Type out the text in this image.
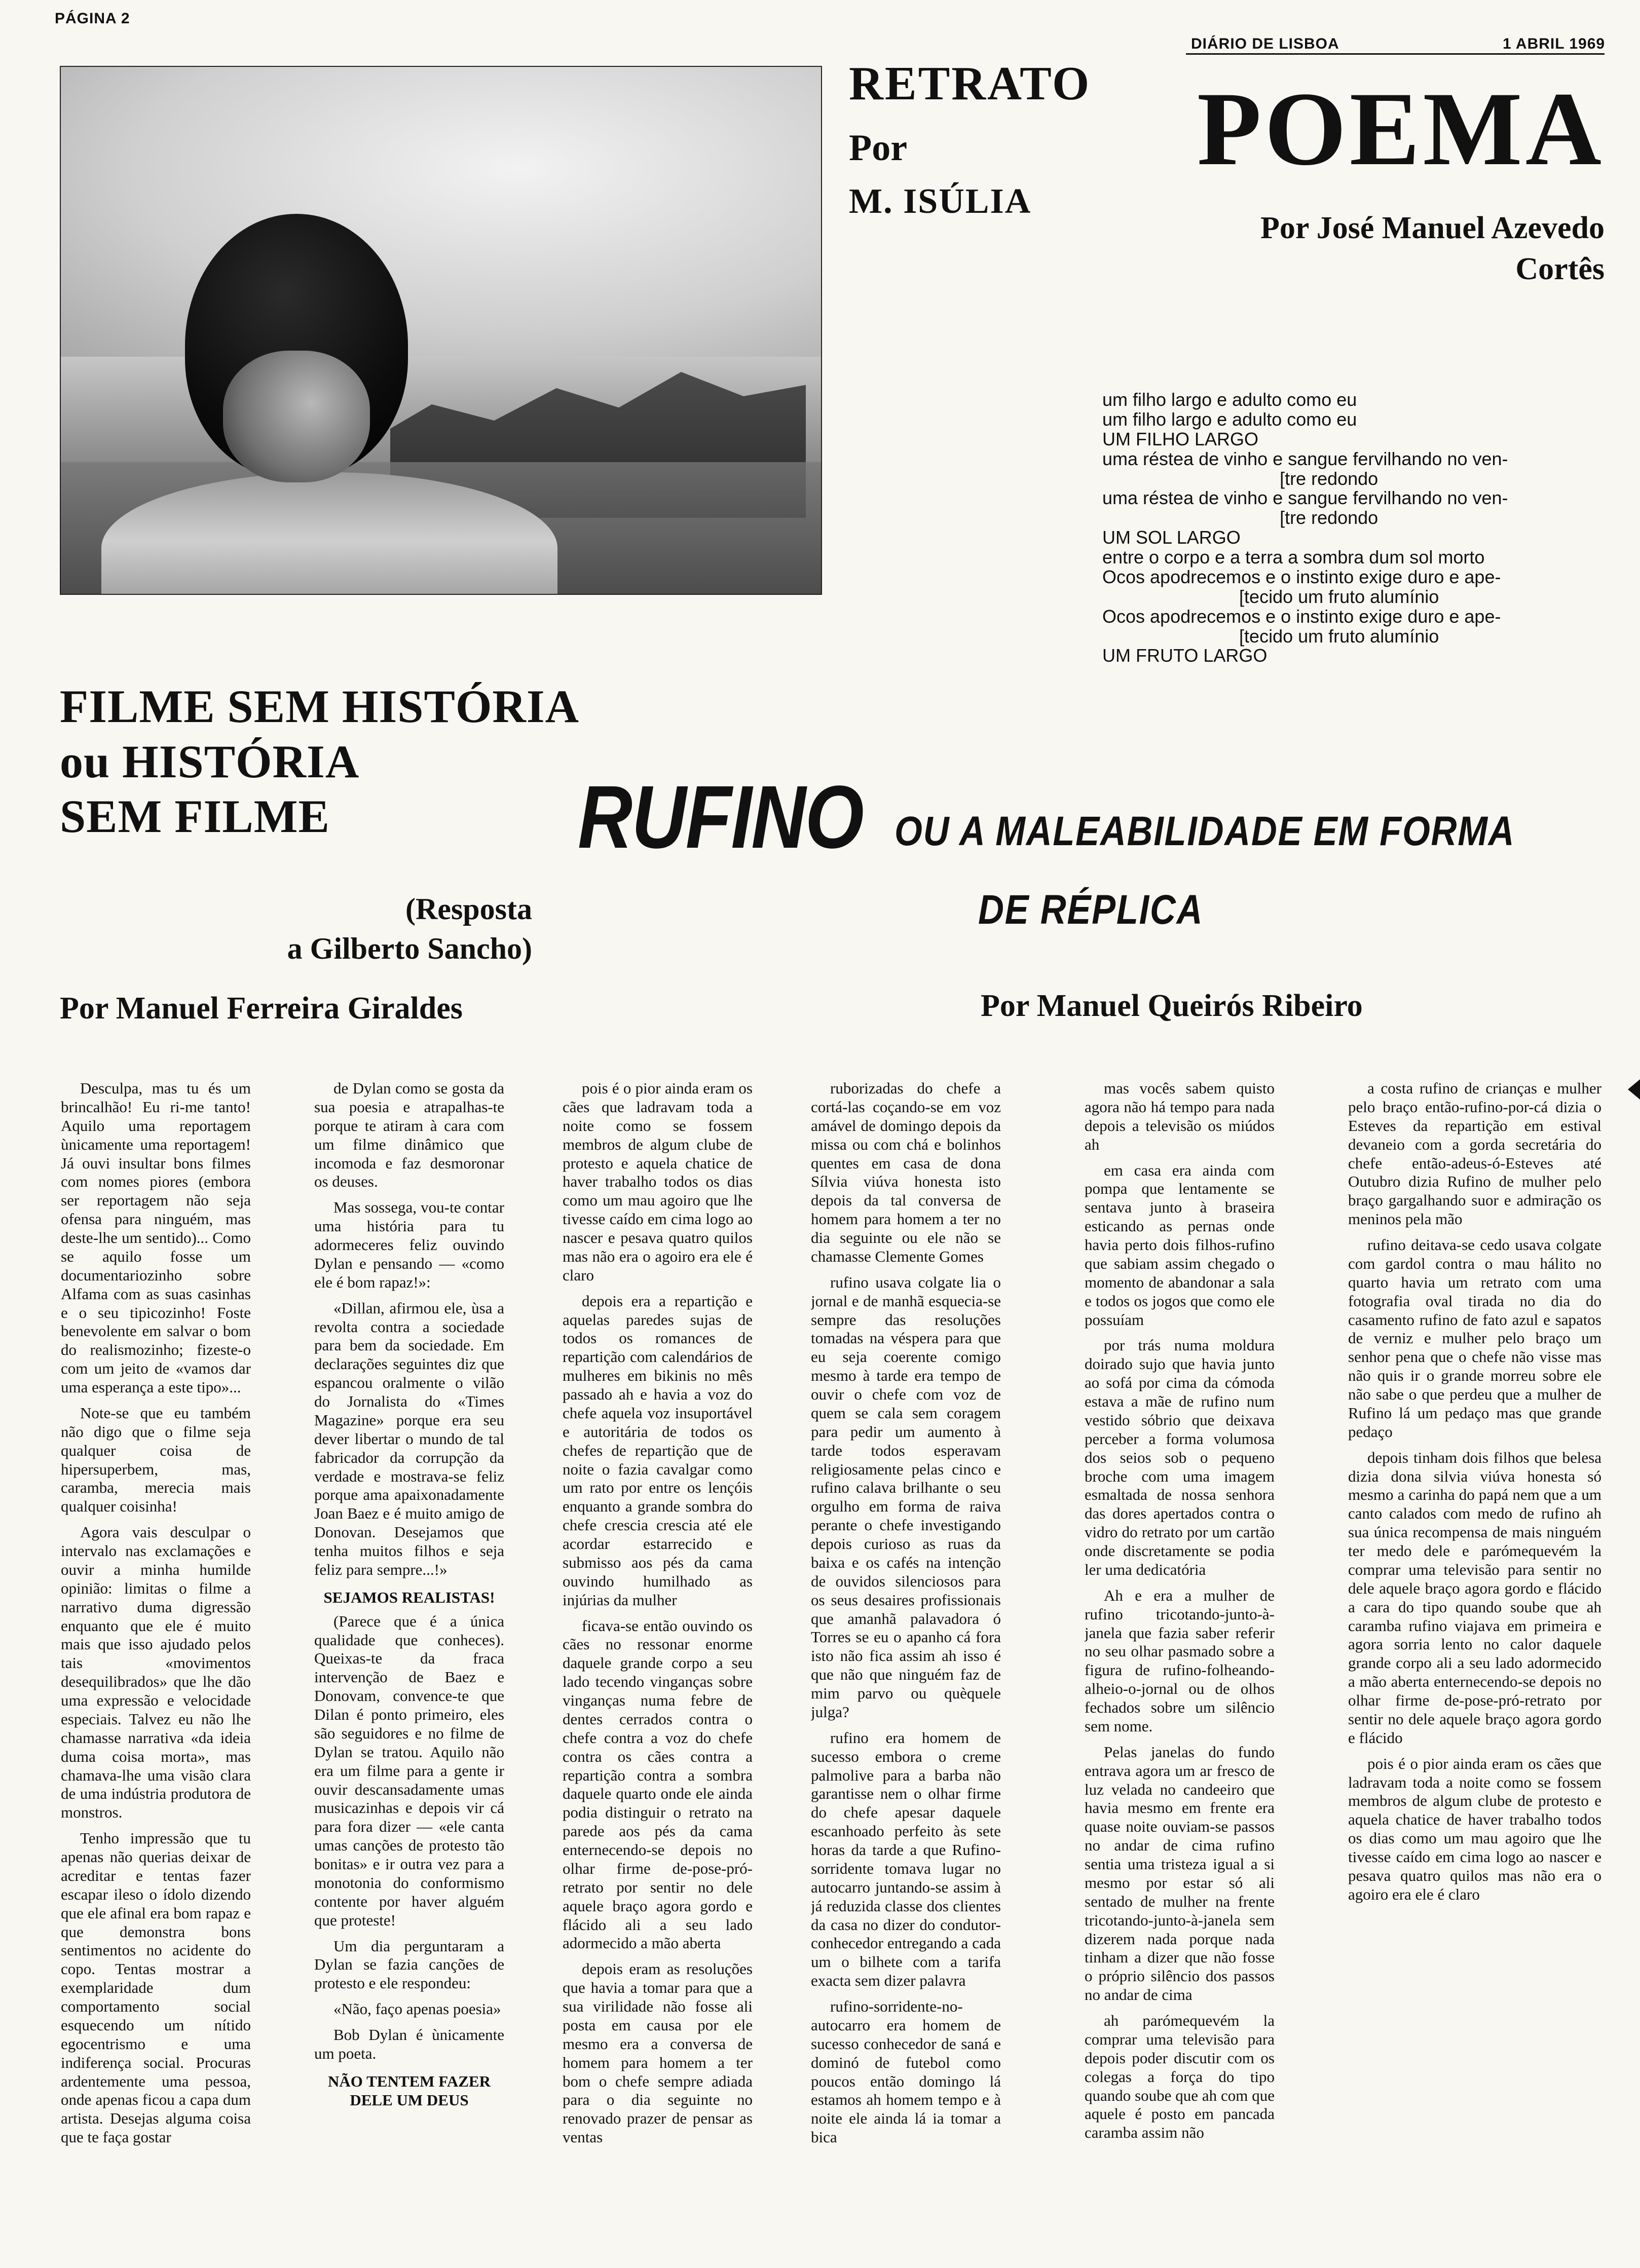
PÁGINA 2
DIÁRIO DE LISBOA	1 ABRIL 1969
RETRATO
Por
M. ISÚLIA
POEMA
Por José Manuel Azevedo
Cortês
um filho largo e adulto como eu
um filho largo e adulto como eu
UM FILHO LARGO
uma réstea de vinho e sangue fervilhando no ven-
[tre redondo
uma réstea de vinho e sangue fervilhando no ven-
[tre redondo
UM SOL LARGO
entre o corpo e a terra a sombra dum sol morto
Ocos apodrecemos e o instinto exige duro e ape-
[tecido um fruto alumínio
Ocos apodrecemos e o instinto exige duro e ape-
[tecido um fruto alumínio
UM FRUTO LARGO
FILME SEM HISTÓRIA
ou HISTÓRIA
SEM FILME
(Resposta
a Gilberto Sancho)
Por Manuel Ferreira Giraldes
RUFINO OU A MALEABILIDADE EM FORMA
DE RÉPLICA
Por Manuel Queirós Ribeiro

Desculpa, mas tu és um brincalhão! Eu ri-me tanto! Aquilo uma reportagem ùnicamente uma reportagem! Já ouvi insultar bons filmes com nomes piores (embora ser reportagem não seja ofensa para ninguém, mas deste-lhe um sentido)... Como se aquilo fosse um documentariozinho sobre Alfama com as suas casinhas e o seu tipicozinho! Foste benevolente em salvar o bom do realismozinho; fizeste-o com um jeito de «vamos dar uma esperança a este tipo»...

Note-se que eu também não digo que o filme seja qualquer coisa de hipersuperbem, mas, caramba, merecia mais qualquer coisinha!

Agora vais desculpar o intervalo nas exclamações e ouvir a minha humilde opinião: limitas o filme a narrativo duma digressão enquanto que ele é muito mais que isso ajudado pelos tais «movimentos desequilibrados» que lhe dão uma expressão e velocidade especiais. Talvez eu não lhe chamasse narrativa «da ideia duma coisa morta», mas chamava-lhe uma visão clara de uma indústria produtora de monstros.

Tenho impressão que tu apenas não querias deixar de acreditar e tentas fazer escapar ileso o ídolo dizendo que ele afinal era bom rapaz e que demonstra bons sentimentos no acidente do copo. Tentas mostrar a exemplaridade dum comportamento social esquecendo um nítido egocentrismo e uma indiferença social. Procuras ardentemente uma pessoa, onde apenas ficou a capa dum artista. Desejas alguma coisa que te faça gostar

de Dylan como se gosta da sua poesia e atrapalhas-te porque te atiram à cara com um filme dinâmico que incomoda e faz desmoronar os deuses.

Mas sossega, vou-te contar uma história para tu adormeceres feliz ouvindo Dylan e pensando — «como ele é bom rapaz!»:

«Dillan, afirmou ele, ùsa a revolta contra a sociedade para bem da sociedade. Em declarações seguintes diz que espancou oralmente o vilão do Jornalista do «Times Magazine» porque era seu dever libertar o mundo de tal fabricador da corrupção da verdade e mostrava-se feliz porque ama apaixonadamente Joan Baez e é muito amigo de Donovan. Desejamos que tenha muitos filhos e seja feliz para sempre...!»

SEJAMOS REALISTAS!

(Parece que é a única qualidade que conheces). Queixas-te da fraca intervenção de Baez e Donovam, convence-te que Dilan é ponto primeiro, eles são seguidores e no filme de Dylan se tratou. Aquilo não era um filme para a gente ir ouvir descansadamente umas musicazinhas e depois vir cá para fora dizer — «ele canta umas canções de protesto tão bonitas» e ir outra vez para a monotonia do conformismo contente por haver alguém que proteste!

Um dia perguntaram a Dylan se fazia canções de protesto e ele respondeu:

«Não, faço apenas poesia»

Bob Dylan é ùnicamente um poeta.

NÃO TENTEM FAZER DELE UM DEUS

pois é o pior ainda eram os cães que ladravam toda a noite como se fossem membros de algum clube de protesto e aquela chatice de haver trabalho todos os dias como um mau agoiro que lhe tivesse caído em cima logo ao nascer e pesava quatro quilos mas não era o agoiro era ele é claro

depois era a repartição e aquelas paredes sujas de todos os romances de repartição com calendários de mulheres em bikinis no mês passado ah e havia a voz do chefe aquela voz insuportável e autoritária de todos os chefes de repartição que de noite o fazia cavalgar como um rato por entre os lençóis enquanto a grande sombra do chefe crescia crescia até ele acordar estarrecido e submisso aos pés da cama ouvindo humilhado as injúrias da mulher

ficava-se então ouvindo os cães no ressonar enorme daquele grande corpo a seu lado tecendo vinganças sobre vinganças numa febre de dentes cerrados contra o chefe contra a voz do chefe contra os cães contra a repartição contra a sombra daquele quarto onde ele ainda podia distinguir o retrato na parede aos pés da cama enternecendo-se depois no olhar firme de-pose-pró-retrato por sentir no dele aquele braço agora gordo e flácido ali a seu lado adormecido a mão aberta

depois eram as resoluções que havia a tomar para que a sua virilidade não fosse ali posta em causa por ele mesmo era a conversa de homem para homem a ter bom o chefe sempre adiada para o dia seguinte no renovado prazer de pensar as ventas

ruborizadas do chefe a cortá-las coçando-se em voz amável de domingo depois da missa ou com chá e bolinhos quentes em casa de dona Sílvia viúva honesta isto depois da tal conversa de homem para homem a ter no dia seguinte ou ele não se chamasse Clemente Gomes

rufino usava colgate lia o jornal e de manhã esquecia-se sempre das resoluções tomadas na véspera para que eu seja coerente comigo mesmo à tarde era tempo de ouvir o chefe com voz de quem se cala sem coragem para pedir um aumento à tarde todos esperavam religiosamente pelas cinco e rufino calava brilhante o seu orgulho em forma de raiva perante o chefe investigando depois curioso as ruas da baixa e os cafés na intenção de ouvidos silenciosos para os seus desaires profissionais que amanhã palavadora ó Torres se eu o apanho cá fora isto não fica assim ah isso é que não que ninguém faz de mim parvo ou quèquele julga?

rufino era homem de sucesso embora o creme palmolive para a barba não garantisse nem o olhar firme do chefe apesar daquele escanhoado perfeito às sete horas da tarde a que Rufino-sorridente tomava lugar no autocarro juntando-se assim à já reduzida classe dos clientes da casa no dizer do condutor-conhecedor entregando a cada um o bilhete com a tarifa exacta sem dizer palavra

rufino-sorridente-no-autocarro era homem de sucesso conhecedor de saná e dominó de futebol como poucos então domingo lá estamos ah homem tempo e à noite ele ainda lá ia tomar a bica

mas vocês sabem quisto agora não há tempo para nada depois a televisão os miúdos ah

em casa era ainda com pompa que lentamente se sentava junto à braseira esticando as pernas onde havia perto dois filhos-rufino que sabiam assim chegado o momento de abandonar a sala e todos os jogos que como ele possuíam

por trás numa moldura doirado sujo que havia junto ao sofá por cima da cómoda estava a mãe de rufino num vestido sóbrio que deixava perceber a forma volumosa dos seios sob o pequeno broche com uma imagem esmaltada de nossa senhora das dores apertados contra o vidro do retrato por um cartão onde discretamente se podia ler uma dedicatória

Ah e era a mulher de rufino tricotando-junto-à-janela que fazia saber referir no seu olhar pasmado sobre a figura de rufino-folheando-alheio-o-jornal ou de olhos fechados sobre um silêncio sem nome.

Pelas janelas do fundo entrava agora um ar fresco de luz velada no candeeiro que havia mesmo em frente era quase noite ouviam-se passos no andar de cima rufino sentia uma tristeza igual a si mesmo por estar só ali sentado de mulher na frente tricotando-junto-à-janela sem dizerem nada porque nada tinham a dizer que não fosse o próprio silêncio dos passos no andar de cima

ah parómequevém la comprar uma televisão para depois poder discutir com os colegas a força do tipo quando soube que ah com que aquele é posto em pancada caramba assim não

a costa rufino de crianças e mulher pelo braço então-rufino-por-cá dizia o Esteves da repartição em estival devaneio com a gorda secretária do chefe então-adeus-ó-Esteves até Outubro dizia Rufino de mulher pelo braço gargalhando suor e admiração os meninos pela mão

rufino deitava-se cedo usava colgate com gardol contra o mau hálito no quarto havia um retrato com uma fotografia oval tirada no dia do casamento rufino de fato azul e sapatos de verniz e mulher pelo braço um senhor pena que o chefe não visse mas não quis ir o grande morreu sobre ele não sabe o que perdeu que a mulher de Rufino lá um pedaço mas que grande pedaço

depois tinham dois filhos que belesa dizia dona silvia viúva honesta só mesmo a carinha do papá nem que a um canto calados com medo de rufino ah sua única recompensa de mais ninguém ter medo dele e parómequevém la comprar uma televisão para sentir no dele aquele braço agora gordo e flácido a cara do tipo quando soube que ah caramba rufino viajava em primeira e agora sorria lento no calor daquele grande corpo ali a seu lado adormecido a mão aberta enternecendo-se depois no olhar firme de-pose-pró-retrato por sentir no dele aquele braço agora gordo e flácido

pois é o pior ainda eram os cães que ladravam toda a noite como se fossem membros de algum clube de protesto e aquela chatice de haver trabalho todos os dias como um mau agoiro que lhe tivesse caído em cima logo ao nascer e pesava quatro quilos mas não era o agoiro era ele é claro
